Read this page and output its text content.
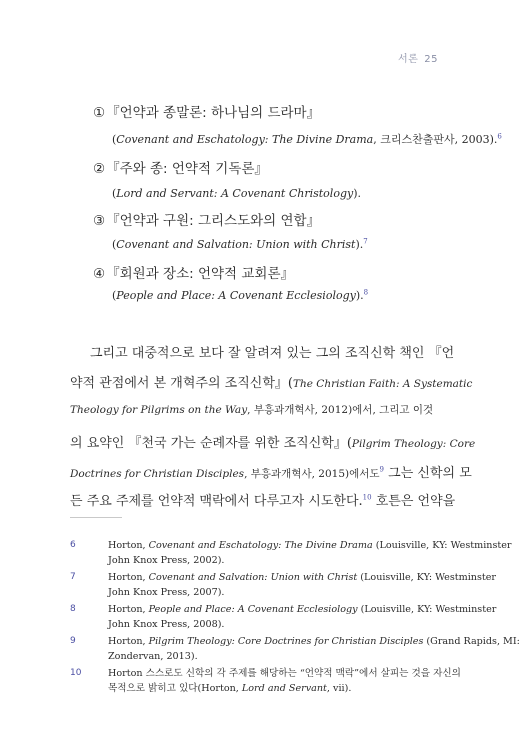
서론 25
①『언약과 종말론: 하나님의 드라마』
(Covenant and Eschatology: The Divine Drama, 크리스찬출판사, 2003).$^6$
②『주와 종: 언약적 기독론』
(Lord and Servant: A Covenant Christology).
③『언약과 구원: 그리스도와의 연합』
(Covenant and Salvation: Union with Christ).$^7$
④『회원과 장소: 언약적 교회론』
(People and Place: A Covenant Ecclesiology).$^8$
그리고 대중적으로 보다 잘 알려져 있는 그의 조직신학 책인 『언
약적 관점에서 본 개혁주의 조직신학』(The Christian Faith: A Systematic
Theology for Pilgrims on the Way, 부흥과개혁사, 2012)에서, 그리고 이것
의 요약인 『천국 가는 순례자를 위한 조직신학』(Pilgrim Theology: Core
Doctrines for Christian Disciples, 부흥과개혁사, 2015)에서도$^9$ 그는 신학의 모
든 주요 주제를 언약적 맥락에서 다루고자 시도한다.$^{10}$ 호튼은 언약을
6	Horton, Covenant and Eschatology: The Divine Drama (Louisville, KY: Westminster
John Knox Press, 2002).
7	Horton, Covenant and Salvation: Union with Christ (Louisville, KY: Westminster
John Knox Press, 2007).
8	Horton, People and Place: A Covenant Ecclesiology (Louisville, KY: Westminster
John Knox Press, 2008).
9	Horton, Pilgrim Theology: Core Doctrines for Christian Disciples (Grand Rapids, MI:
Zondervan, 2013).
10	Horton 스스로도 신학의 각 주제를 해당하는 “언약적 맥락”에서 살피는 것을 자신의
목적으로 밝히고 있다(Horton, Lord and Servant, vii).
